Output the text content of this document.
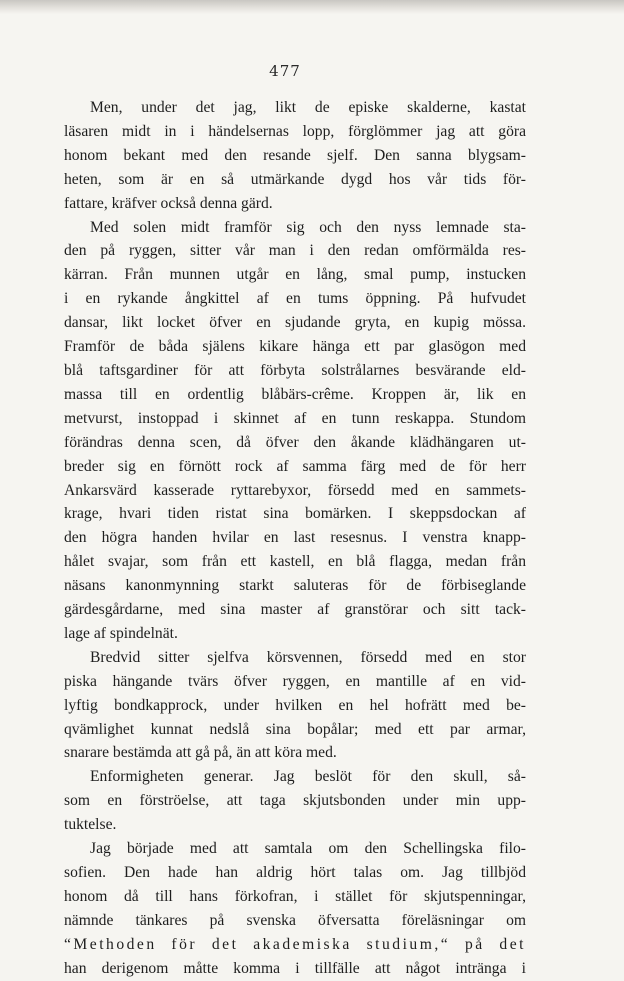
477
Men, under det jag, likt de episke skalderne, kastat
läsaren midt in i händelsernas lopp, förglömmer jag att göra
honom bekant med den resande sjelf. Den sanna blygsam-
heten, som är en så utmärkande dygd hos vår tids för-
fattare, kräfver också denna gärd.
Med solen midt framför sig och den nyss lemnade sta-
den på ryggen, sitter vår man i den redan omförmälda res-
kärran. Från munnen utgår en lång, smal pump, instucken
i en rykande ångkittel af en tums öppning. På hufvudet
dansar, likt locket öfver en sjudande gryta, en kupig mössa.
Framför de båda själens kikare hänga ett par glasögon med
blå taftsgardiner för att förbyta solstrålarnes besvärande eld-
massa till en ordentlig blåbärs-crême. Kroppen är, lik en
metvurst, instoppad i skinnet af en tunn reskappa. Stundom
förändras denna scen, då öfver den åkande klädhängaren ut-
breder sig en förnött rock af samma färg med de för herr
Ankarsvärd kasserade ryttarebyxor, försedd med en sammets-
krage, hvari tiden ristat sina bomärken. I skeppsdockan af
den högra handen hvilar en last resesnus. I venstra knapp-
hålet svajar, som från ett kastell, en blå flagga, medan från
näsans kanonmynning starkt saluteras för de förbiseglande
gärdesgårdarne, med sina master af granstörar och sitt tack-
lage af spindelnät.
Bredvid sitter sjelfva körsvennen, försedd med en stor
piska hängande tvärs öfver ryggen, en mantille af en vid-
lyftig bondkapprock, under hvilken en hel hofrätt med be-
qvämlighet kunnat nedslå sina bopålar; med ett par armar,
snarare bestämda att gå på, än att köra med.
Enformigheten generar. Jag beslöt för den skull, så-
som en förströelse, att taga skjutsbonden under min upp-
tuktelse.
Jag började med att samtala om den Schellingska filo-
sofien. Den hade han aldrig hört talas om. Jag tillbjöd
honom då till hans förkofran, i stället för skjutspenningar,
nämnde tänkares på svenska öfversatta föreläsningar om
“Methoden för det akademiska studium,“ på det
han derigenom måtte komma i tillfälle att något intränga i
